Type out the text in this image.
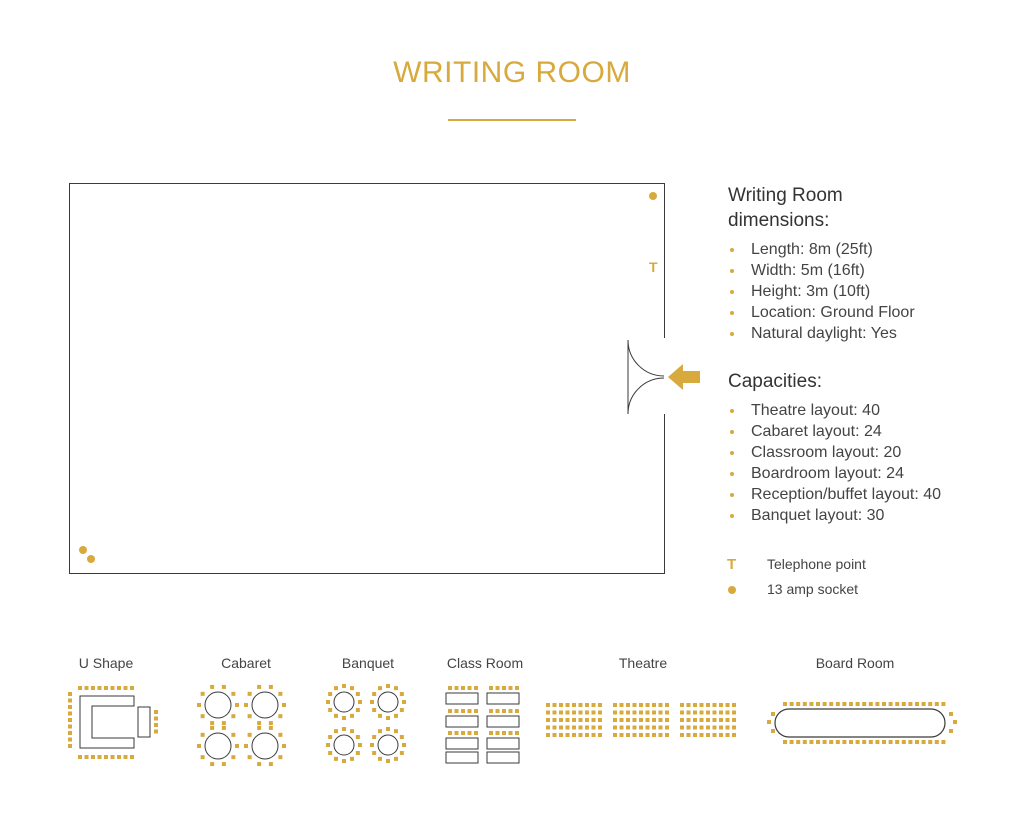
WRITING ROOM
T
Writing Room
dimensions:
Length: 8m (25ft)
Width: 5m (16ft)
Height: 3m (10ft)
Location: Ground Floor
Natural daylight: Yes
Capacities:
Theatre layout: 40
Cabaret layout: 24
Classroom layout: 20
Boardroom layout: 24
Reception/buffet layout: 40
Banquet layout: 30
T Telephone point
13 amp socket
U Shape	Cabaret	Banquet	Class Room	Theatre	Board Room
